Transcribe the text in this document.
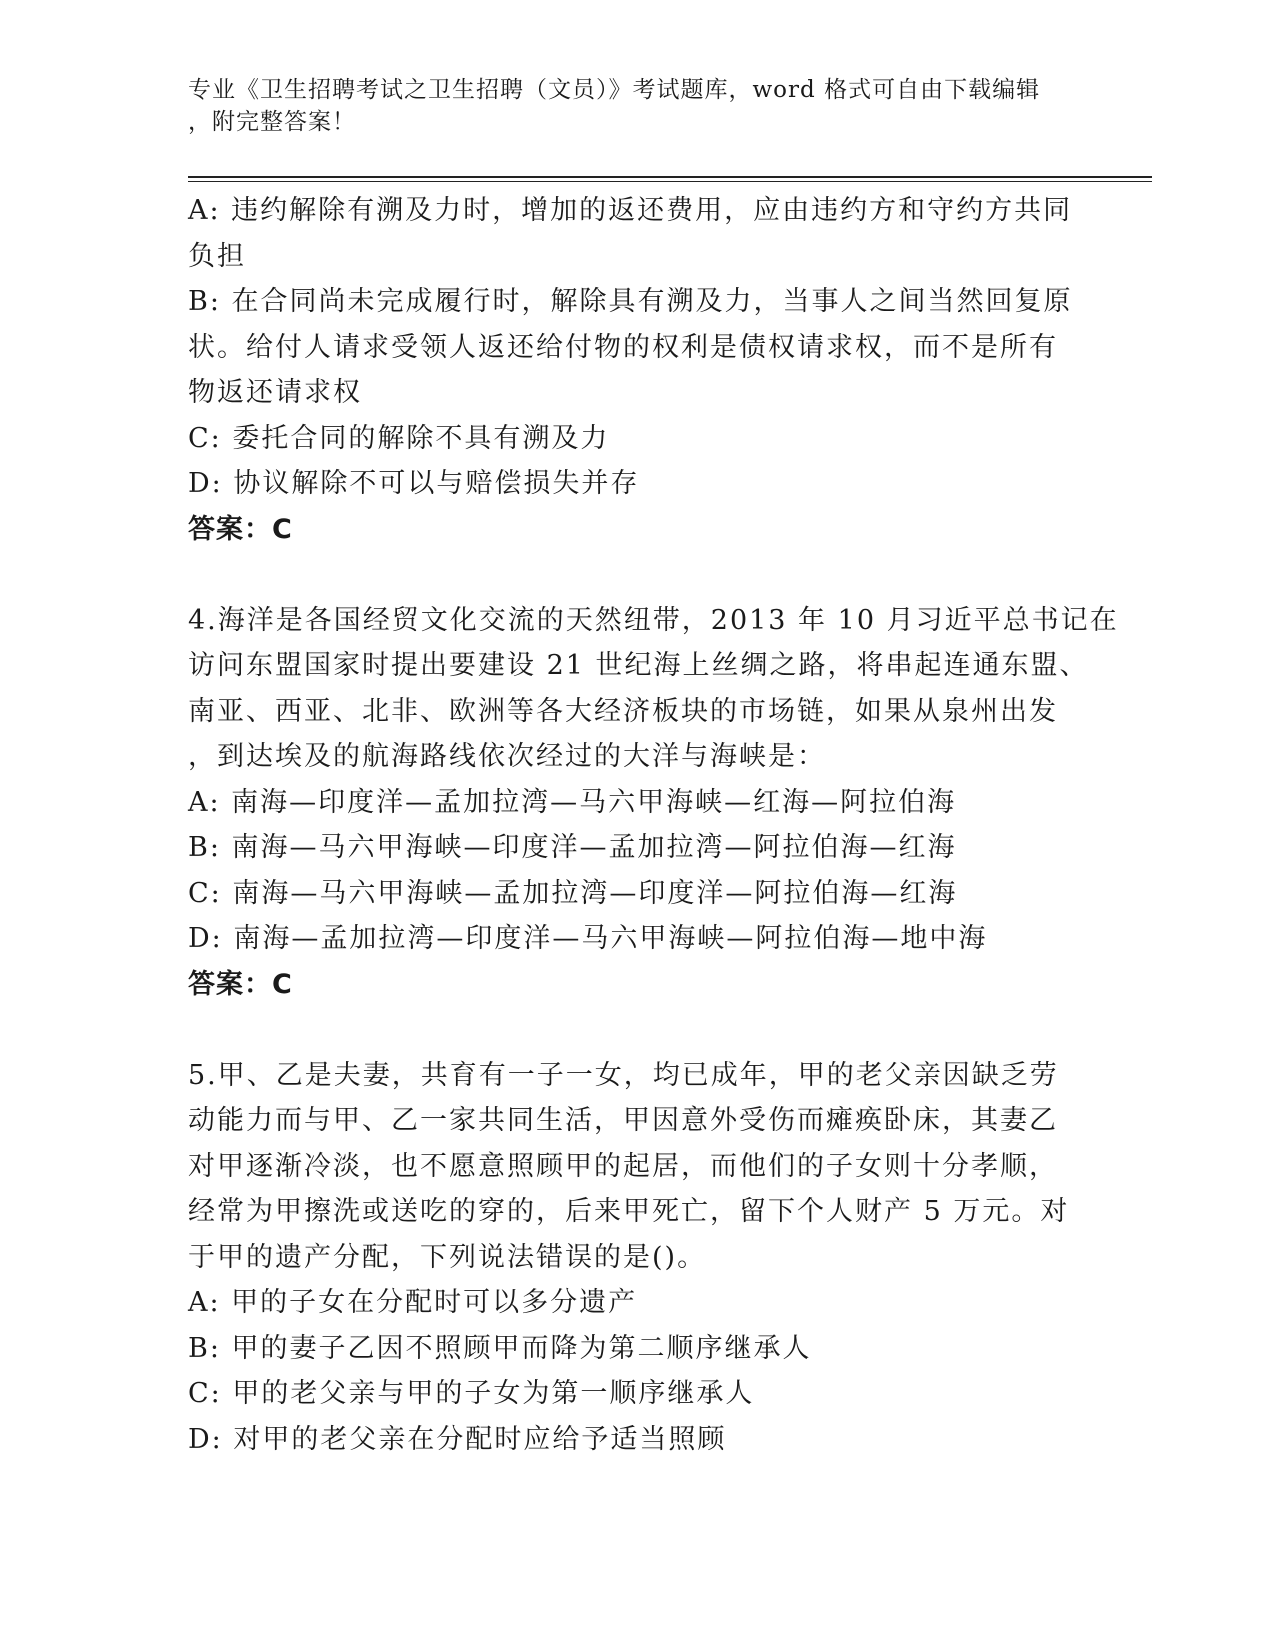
专业《卫生招聘考试之卫生招聘（文员）》考试题库，word 格式可自由下载编辑
，附完整答案！
A: 违约解除有溯及力时，增加的返还费用，应由违约方和守约方共同
负担
B: 在合同尚未完成履行时，解除具有溯及力，当事人之间当然回复原
状。给付人请求受领人返还给付物的权利是债权请求权，而不是所有
物返还请求权
C: 委托合同的解除不具有溯及力
D: 协议解除不可以与赔偿损失并存
答案：C
4.海洋是各国经贸文化交流的天然纽带，2013 年 10 月习近平总书记在
访问东盟国家时提出要建设 21 世纪海上丝绸之路，将串起连通东盟、
南亚、西亚、北非、欧洲等各大经济板块的市场链，如果从泉州出发
，到达埃及的航海路线依次经过的大洋与海峡是：
A: 南海—印度洋—孟加拉湾—马六甲海峡—红海—阿拉伯海
B: 南海—马六甲海峡—印度洋—孟加拉湾—阿拉伯海—红海
C: 南海—马六甲海峡—孟加拉湾—印度洋—阿拉伯海—红海
D: 南海—孟加拉湾—印度洋—马六甲海峡—阿拉伯海—地中海
答案：C
5.甲、乙是夫妻，共育有一子一女，均已成年，甲的老父亲因缺乏劳
动能力而与甲、乙一家共同生活，甲因意外受伤而瘫痪卧床，其妻乙
对甲逐渐冷淡，也不愿意照顾甲的起居，而他们的子女则十分孝顺，
经常为甲擦洗或送吃的穿的，后来甲死亡，留下个人财产 5 万元。对
于甲的遗产分配，下列说法错误的是()。
A: 甲的子女在分配时可以多分遗产
B: 甲的妻子乙因不照顾甲而降为第二顺序继承人
C: 甲的老父亲与甲的子女为第一顺序继承人
D: 对甲的老父亲在分配时应给予适当照顾
